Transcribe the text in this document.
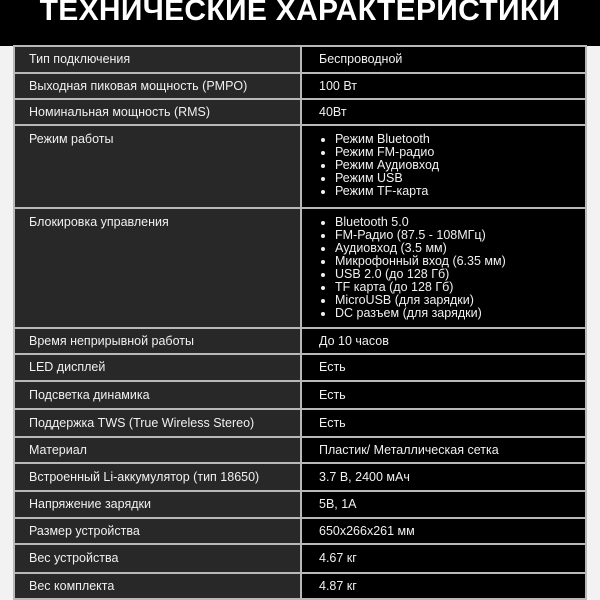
ТЕХНИЧЕСКИЕ ХАРАКТЕРИСТИКИ
Тип подключения	Беспроводной
Выходная пиковая мощность (PMPO)	100 Вт
Номинальная мощность (RMS)	40Вт
Режим работы	• Режим Bluetooth
• Режим FM-радио
• Режим Аудиовход
• Режим USB
• Режим TF-карта
Блокировка управления	• Bluetooth 5.0
• FM-Радио (87.5 - 108МГц)
• Аудиовход (3.5 мм)
• Микрофонный вход (6.35 мм)
• USB 2.0 (до 128 Гб)
• TF карта (до 128 Гб)
• MicroUSB (для зарядки)
• DC разъем (для зарядки)
Время неприрывной работы	До 10 часов
LED дисплей	Есть
Подсветка динамика	Есть
Поддержка TWS (True Wireless Stereo)	Есть
Материал	Пластик/ Металлическая сетка
Встроенный Li-аккумулятор (тип 18650)	3.7 В, 2400 мАч
Напряжение зарядки	5В, 1А
Размер устройства	650x266x261 мм
Вес устройства	4.67 кг
Вес комплекта	4.87 кг
